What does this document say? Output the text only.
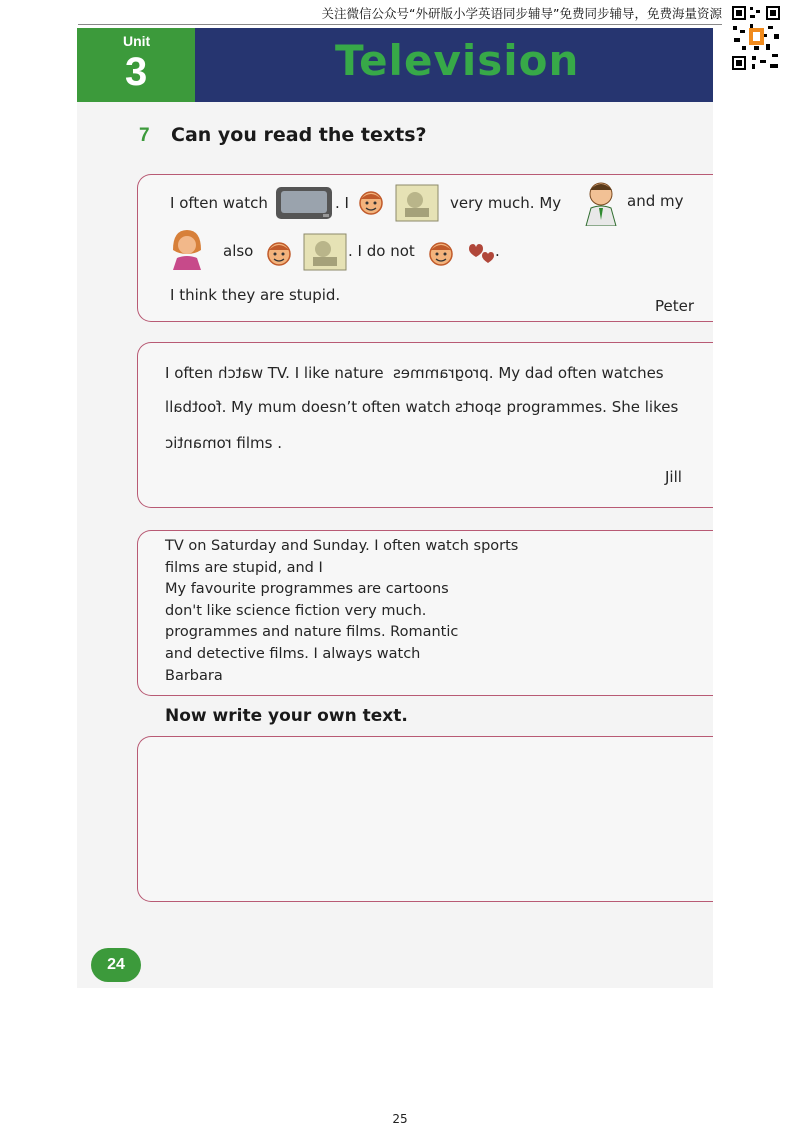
关注微信公众号“外研版小学英语同步辅导”免费同步辅导，免费海量资源
Unit
3	Television
7 Can you read the texts?
I often watch	. I	very much. My	and my
also	. I do not	.
I think they are stupid.
Peter
I often watch TV. I like nature programmes. My dad often watches
football. My mum doesn’t often watch sports programmes. She likes
romantic films .
Jill
TV on Saturday and Sunday. I often watch sports
films are stupid, and I
My favourite programmes are cartoons
don't like science fiction very much.
programmes and nature films. Romantic
and detective films. I always watch
Barbara
Now write your own text.
24
25
